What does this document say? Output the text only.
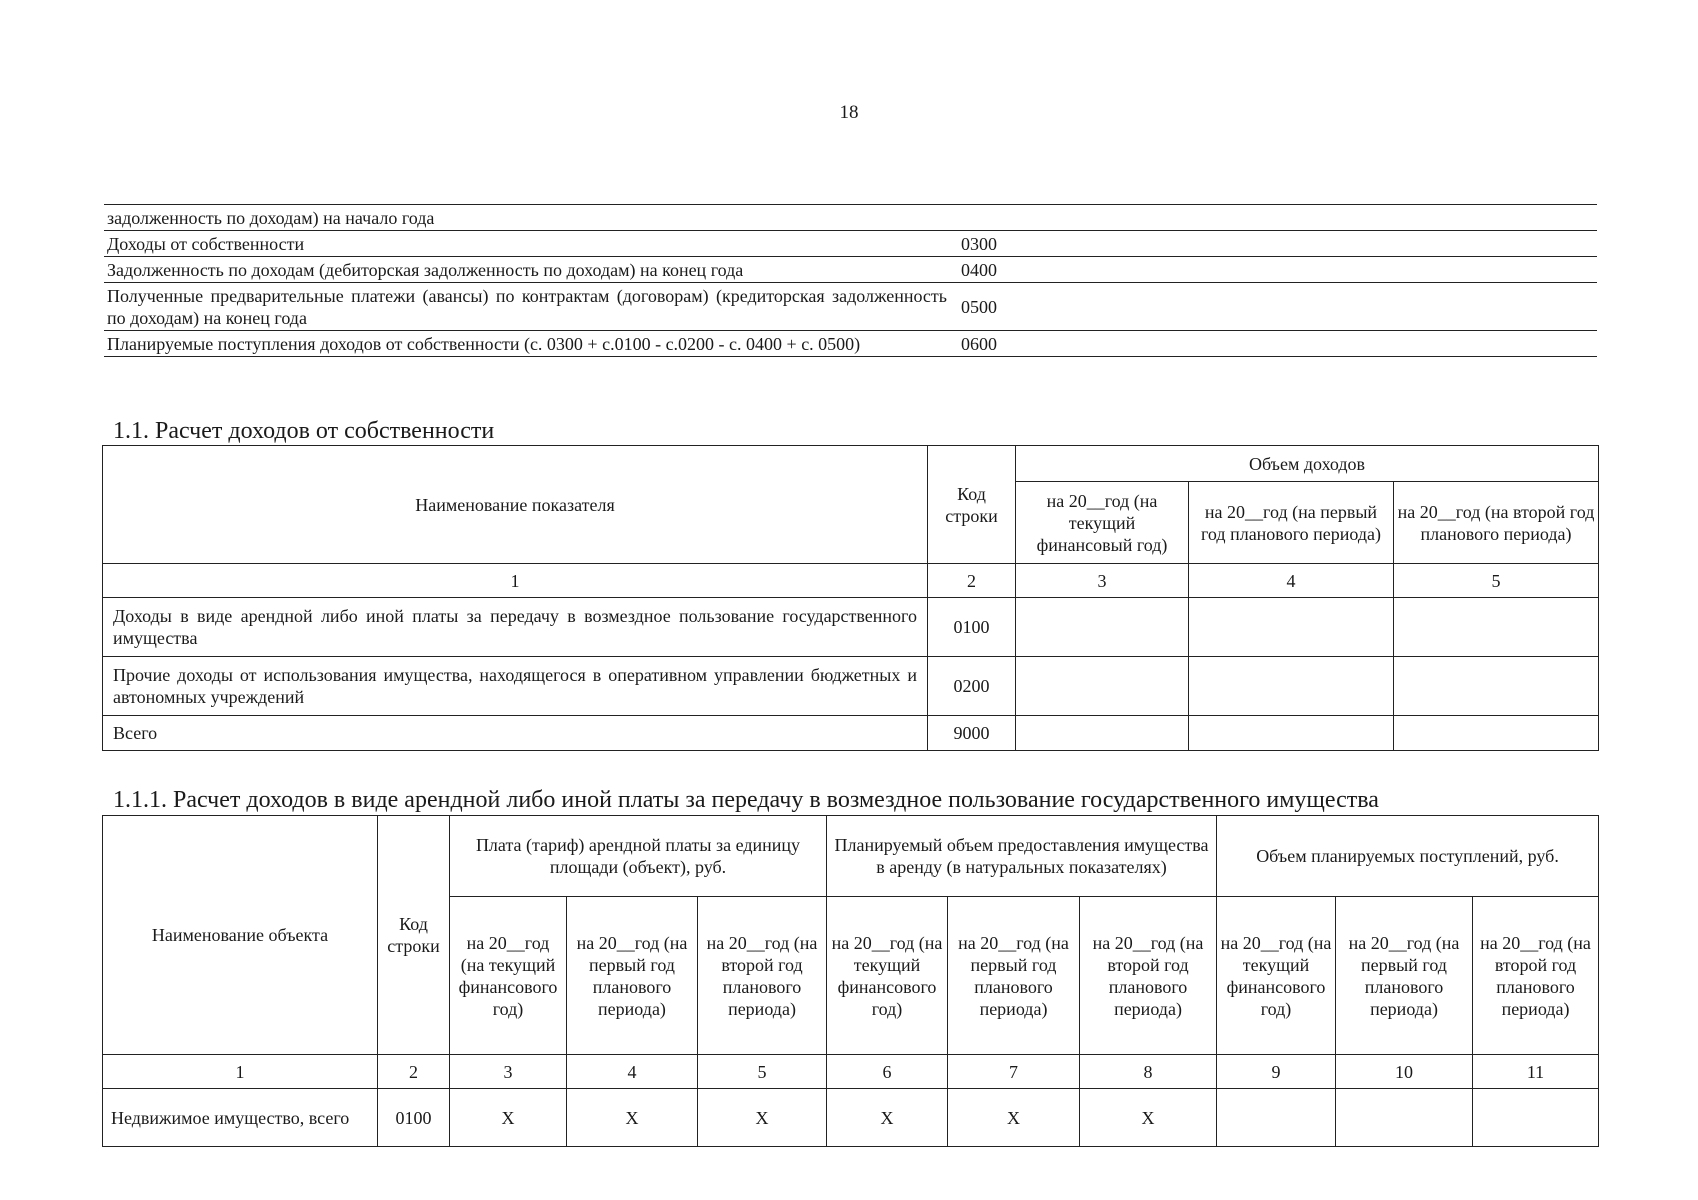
18
задолженность по доходам) на начало года		
Доходы от собственности	0300	
Задолженность по доходам (дебиторская задолженность по доходам) на конец года	0400	
Полученные предварительные платежи (авансы) по контрактам (договорам) (кредиторская задолженность по доходам) на конец года	0500	
Планируемые поступления доходов от собственности (с. 0300 + с.0100 - с.0200 - с. 0400 + с. 0500)	0600	
1.1. Расчет доходов от собственности
Наименование показателя	Код строки	Объем доходов		
		на 20__год (на текущий финансовый год)	на 20__год (на первый год планового периода)	на 20__год (на второй год планового периода)
1	2	3	4	5
Доходы в виде арендной либо иной платы за передачу в возмездное пользование государственного имущества	0100			
Прочие доходы от использования имущества, находящегося в оперативном управлении бюджетных и автономных учреждений	0200			
Всего	9000			
1.1.1. Расчет доходов в виде арендной либо иной платы за передачу в возмездное пользование государственного имущества
Наименование объекта	Код строки	Плата (тариф) арендной платы за единицу площади (объект), руб.			Планируемый объем предоставления имущества в аренду (в натуральных показателях)			Объем планируемых поступлений, руб.		
		на 20__год (на текущий финансового год)	на 20__год (на первый год планового периода)	на 20__год (на второй год планового периода)	на 20__год (на текущий финансового год)	на 20__год (на первый год планового периода)	на 20__год (на второй год планового периода)	на 20__год (на текущий финансового год)	на 20__год (на первый год планового периода)	на 20__год (на второй год планового периода)
1	2	3	4	5	6	7	8	9	10	11
Недвижимое имущество, всего	0100	X	X	X	X	X	X			
